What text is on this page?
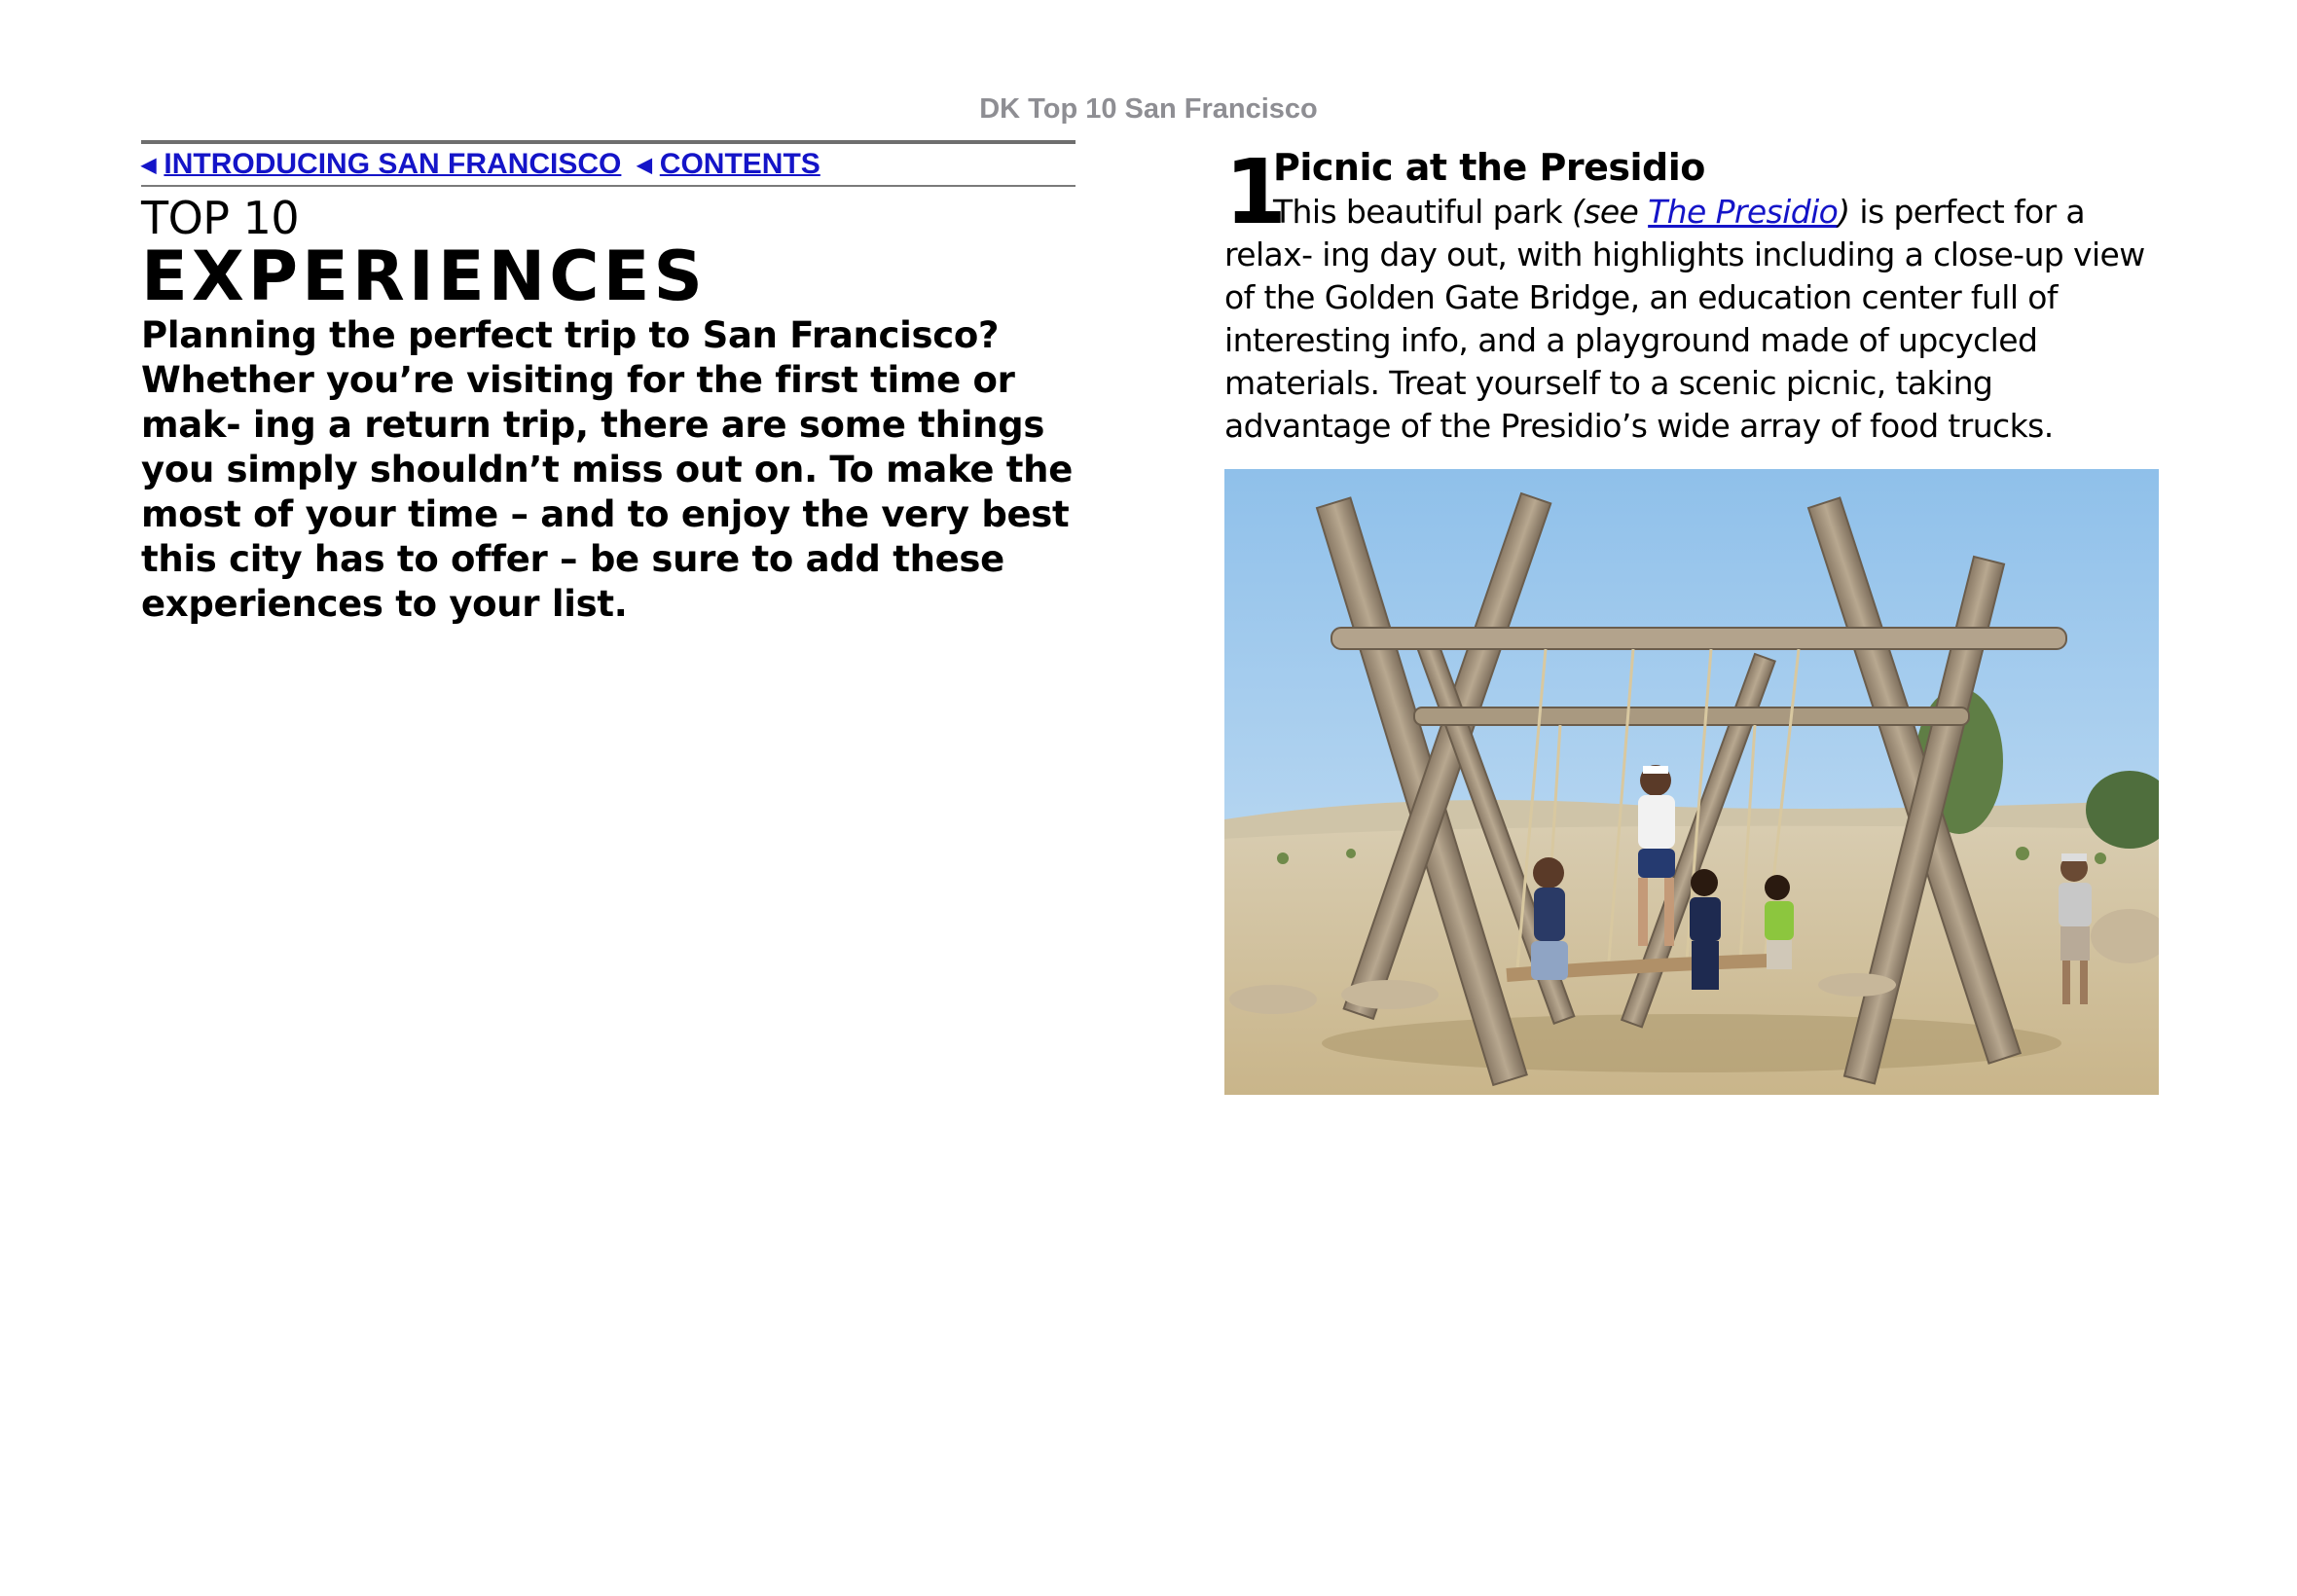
DK Top 10 San Francisco
◀ INTRODUCING SAN FRANCISCO ◀ CONTENTS
TOP 10
EXPERIENCES
Planning the perfect trip to San Francisco? Whether you’re visiting for the first time or mak- ing a return trip, there are some things you simply shouldn’t miss out on. To make the most of your time – and to enjoy the very best this city has to offer – be sure to add these experiences to your list.
1
Picnic at the Presidio
This beautiful park (see The Presidio) is perfect for a relax- ing day out, with highlights including a close-up view of the Golden Gate Bridge, an education center full of interesting info, and a playground made of upcycled materials. Treat yourself to a scenic picnic, taking advantage of the Presidio’s wide array of food trucks.
